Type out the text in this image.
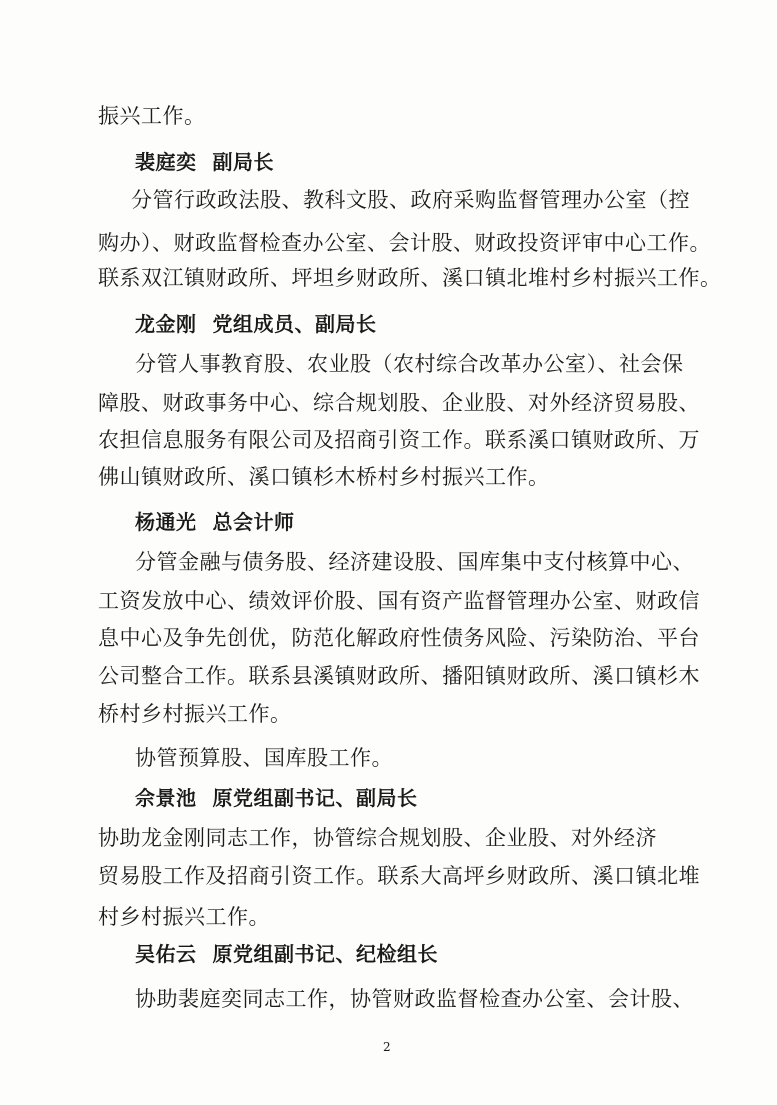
振兴工作。
裴庭奕 副局长
分管行政政法股、教科文股、政府采购监督管理办公室（控
购办）、财政监督检查办公室、会计股、财政投资评审中心工作。
联系双江镇财政所、坪坦乡财政所、溪口镇北堆村乡村振兴工作。
龙金刚 党组成员、副局长
分管人事教育股、农业股（农村综合改革办公室）、社会保
障股、财政事务中心、综合规划股、企业股、对外经济贸易股、
农担信息服务有限公司及招商引资工作。联系溪口镇财政所、万
佛山镇财政所、溪口镇杉木桥村乡村振兴工作。
杨通光 总会计师
分管金融与债务股、经济建设股、国库集中支付核算中心、
工资发放中心、绩效评价股、国有资产监督管理办公室、财政信
息中心及争先创优，防范化解政府性债务风险、污染防治、平台
公司整合工作。联系县溪镇财政所、播阳镇财政所、溪口镇杉木
桥村乡村振兴工作。
协管预算股、国库股工作。
佘景池 原党组副书记、副局长
协助龙金刚同志工作，协管综合规划股、企业股、对外经济
贸易股工作及招商引资工作。联系大高坪乡财政所、溪口镇北堆
村乡村振兴工作。
吴佑云 原党组副书记、纪检组长
协助裴庭奕同志工作，协管财政监督检查办公室、会计股、
2
